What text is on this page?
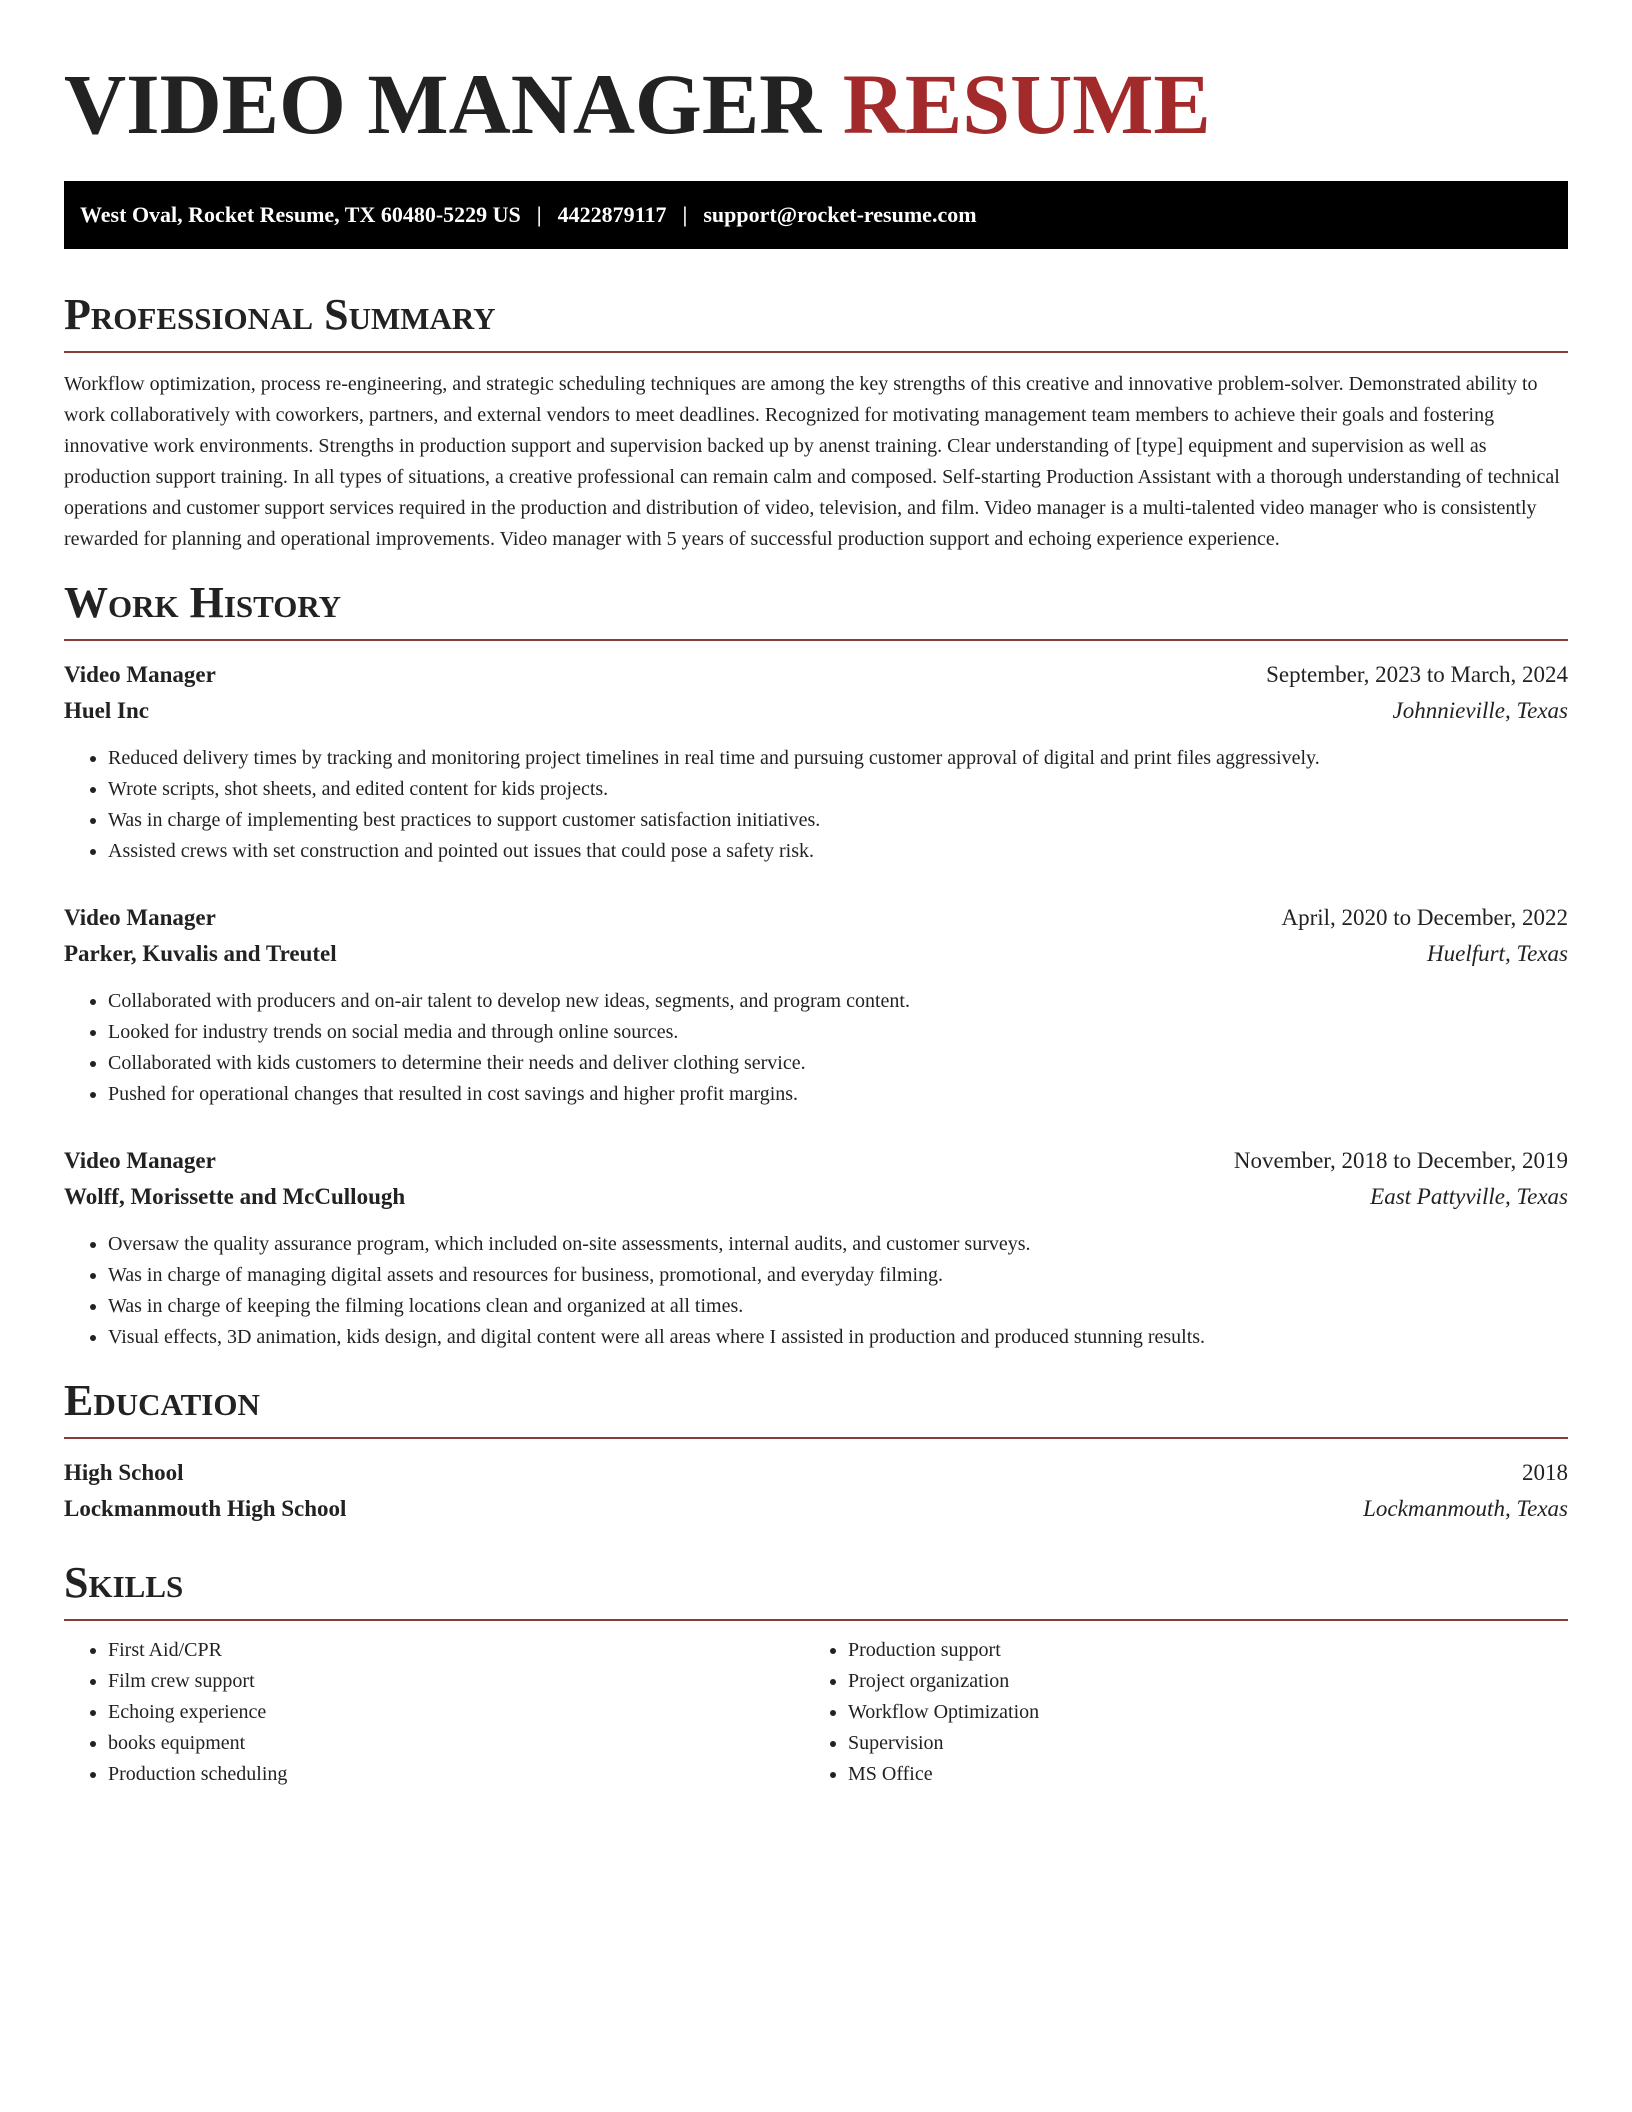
VIDEO MANAGER RESUME
West Oval, Rocket Resume, TX 60480-5229 US | 4422879117 | support@rocket-resume.com
Professional Summary

Workflow optimization, process re-engineering, and strategic scheduling techniques are among the key strengths of this creative and innovative problem-solver. Demonstrated ability to work collaboratively with coworkers, partners, and external vendors to meet deadlines. Recognized for motivating management team members to achieve their goals and fostering innovative work environments. Strengths in production support and supervision backed up by anenst training. Clear understanding of [type] equipment and supervision as well as production support training. In all types of situations, a creative professional can remain calm and composed. Self-starting Production Assistant with a thorough understanding of technical operations and customer support services required in the production and distribution of video, television, and film. Video manager is a multi-talented video manager who is consistently rewarded for planning and operational improvements. Video manager with 5 years of successful production support and echoing experience experience.

Work History
Video Manager	September, 2023 to March, 2024
Huel Inc	Johnnieville, Texas
• Reduced delivery times by tracking and monitoring project timelines in real time and pursuing customer approval of digital and print files aggressively.
• Wrote scripts, shot sheets, and edited content for kids projects.
• Was in charge of implementing best practices to support customer satisfaction initiatives.
• Assisted crews with set construction and pointed out issues that could pose a safety risk.
Video Manager	April, 2020 to December, 2022
Parker, Kuvalis and Treutel	Huelfurt, Texas
• Collaborated with producers and on-air talent to develop new ideas, segments, and program content.
• Looked for industry trends on social media and through online sources.
• Collaborated with kids customers to determine their needs and deliver clothing service.
• Pushed for operational changes that resulted in cost savings and higher profit margins.
Video Manager	November, 2018 to December, 2019
Wolff, Morissette and McCullough	East Pattyville, Texas
• Oversaw the quality assurance program, which included on-site assessments, internal audits, and customer surveys.
• Was in charge of managing digital assets and resources for business, promotional, and everyday filming.
• Was in charge of keeping the filming locations clean and organized at all times.
• Visual effects, 3D animation, kids design, and digital content were all areas where I assisted in production and produced stunning results.
Education
High School	2018
Lockmanmouth High School	Lockmanmouth, Texas
Skills
• First Aid/CPR
• Film crew support
• Echoing experience
• books equipment
• Production scheduling
• Production support
• Project organization
• Workflow Optimization
• Supervision
• MS Office
